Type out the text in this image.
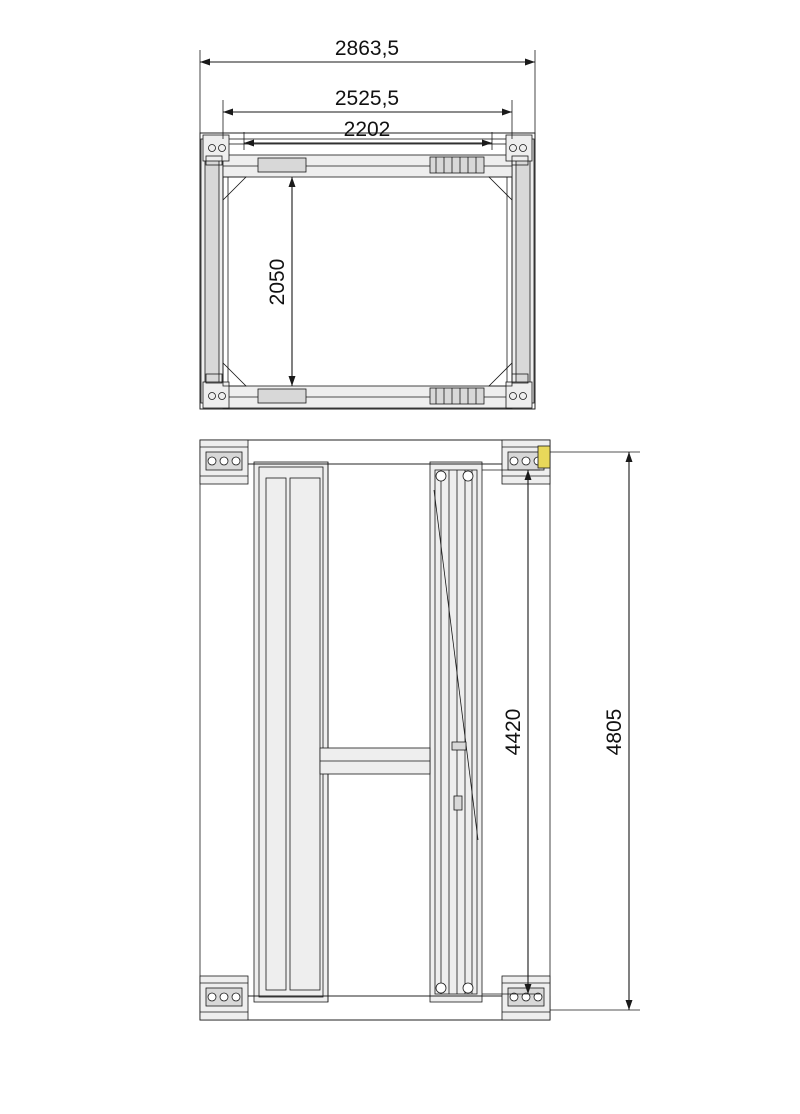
2863,5
2525,5
2202
2050
4420	4805
